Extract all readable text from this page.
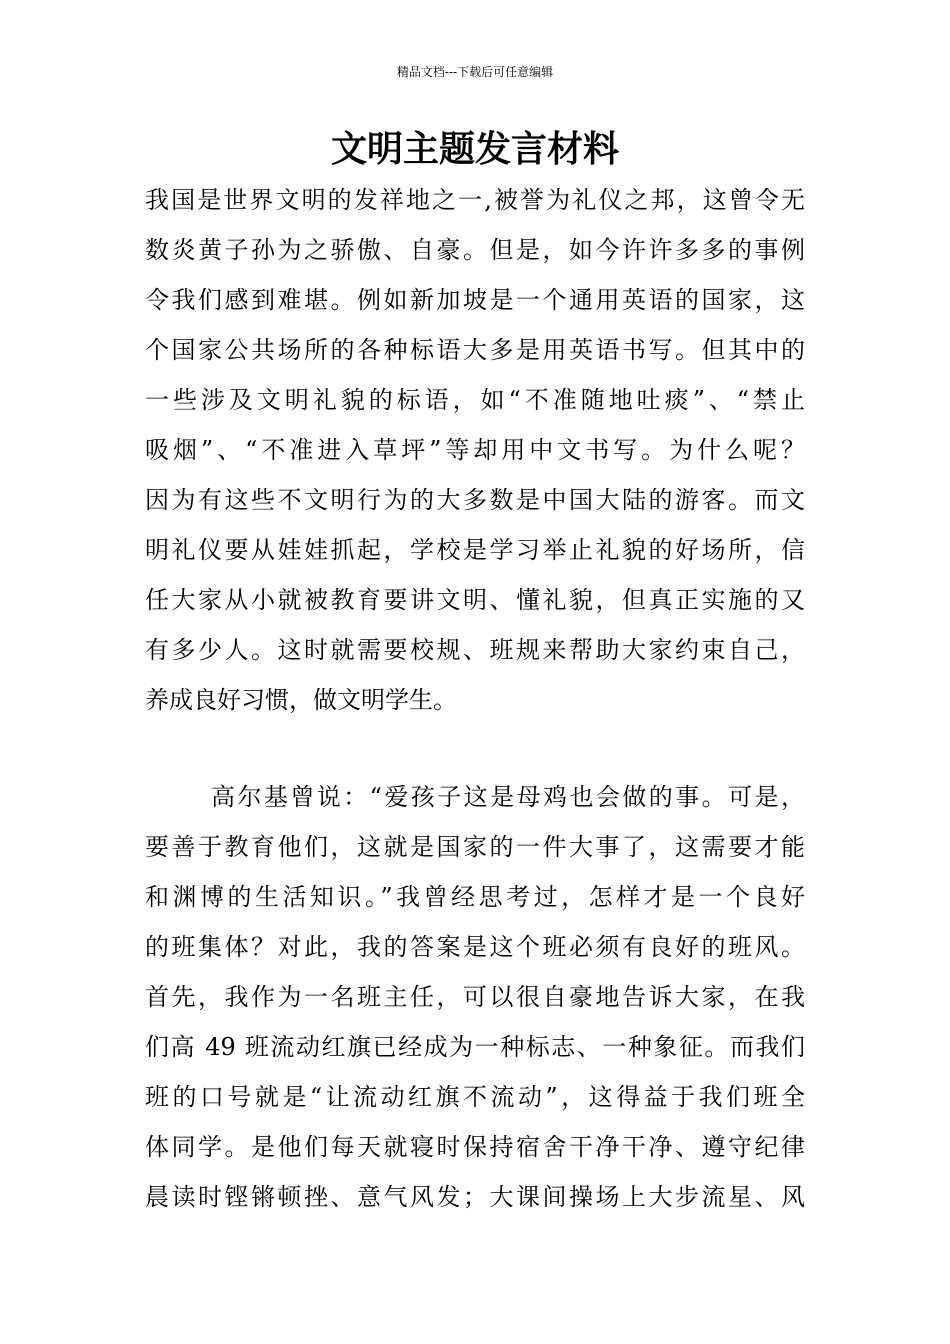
精品文档---下载后可任意编辑
文明主题发言材料
我国是世界文明的发祥地之一,被誉为礼仪之邦，这曾令无
数炎黄子孙为之骄傲、自豪。但是，如今许许多多的事例
令我们感到难堪。例如新加坡是一个通用英语的国家，这
个国家公共场所的各种标语大多是用英语书写。但其中的
一些涉及文明礼貌的标语，如“不准随地吐痰”、“禁止
吸烟”、“不准进入草坪”等却用中文书写。为什么呢？
因为有这些不文明行为的大多数是中国大陆的游客。而文
明礼仪要从娃娃抓起，学校是学习举止礼貌的好场所，信
任大家从小就被教育要讲文明、懂礼貌，但真正实施的又
有多少人。这时就需要校规、班规来帮助大家约束自己，
养成良好习惯，做文明学生。
高尔基曾说：“爱孩子这是母鸡也会做的事。可是，
要善于教育他们，这就是国家的一件大事了，这需要才能
和渊博的生活知识。”我曾经思考过，怎样才是一个良好
的班集体？对此，我的答案是这个班必须有良好的班风。
首先，我作为一名班主任，可以很自豪地告诉大家，在我
们高 49 班流动红旗已经成为一种标志、一种象征。而我们
班的口号就是“让流动红旗不流动”，这得益于我们班全
体同学。是他们每天就寝时保持宿舍干净干净、遵守纪律
晨读时铿锵顿挫、意气风发；大课间操场上大步流星、风
